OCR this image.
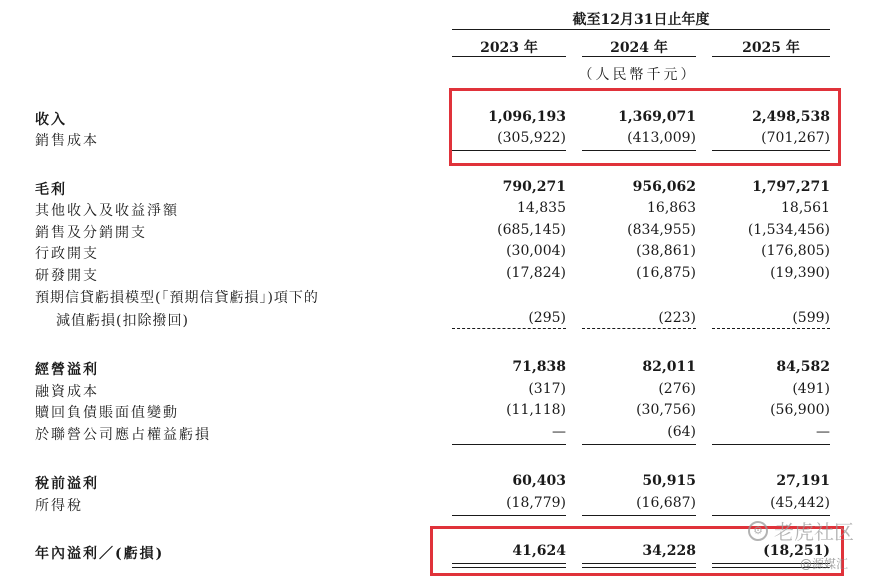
截至12月31日止年度
2023 年	2024 年	2025 年
（人民幣千元）
收入	1,096,193	1,369,071	2,498,538
銷售成本	(305,922)	(413,009)	(701,267)
毛利	790,271	956,062	1,797,271
其他收入及收益淨額	14,835	16,863	18,561
銷售及分銷開支	(685,145)	(834,955)	(1,534,456)
行政開支	(30,004)	(38,861)	(176,805)
研發開支	(17,824)	(16,875)	(19,390)
預期信貸虧損模型(「預期信貸虧損」)項下的
減值虧損(扣除撥回)	(295)	(223)	(599)
經營溢利	71,838	82,011	84,582
融資成本	(317)	(276)	(491)
贖回負債賬面值變動	(11,118)	(30,756)	(56,900)
於聯營公司應占權益虧損	—	(64)	—
稅前溢利	60,403	50,915	27,191
所得稅	(18,779)	(16,687)	(45,442)
年內溢利／(虧損)	41,624	34,228	(18,251)
⚙ 老虎社区
@源媒汇
